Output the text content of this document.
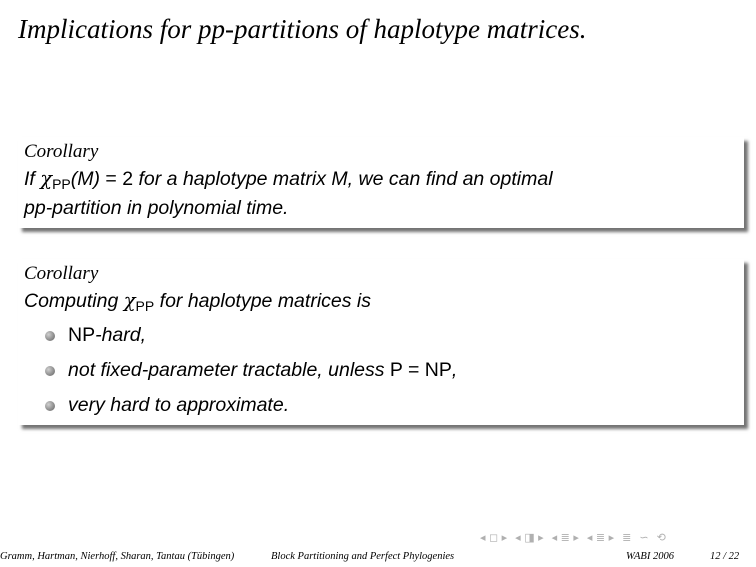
Implications for pp-partitions of haplotype matrices.
Corollary
If $\chi_{PP}(M) = 2$ for a haplotype matrix M, we can find an optimal
pp-partition in polynomial time.
Corollary
Computing $\chi_{PP}$ for haplotype matrices is
NP-hard,
not fixed-parameter tractable, unless P = NP,
very hard to approximate.
◂ ◻ ▸ ◂ ◨ ▸ ◂ ≣ ▸ ◂ ≣ ▸ ≣ ∽ ⟲
Gramm, Hartman, Nierhoff, Sharan, Tantau (Tübingen)	Block Partitioning and Perfect Phylogenies	WABI 2006	12 / 22
